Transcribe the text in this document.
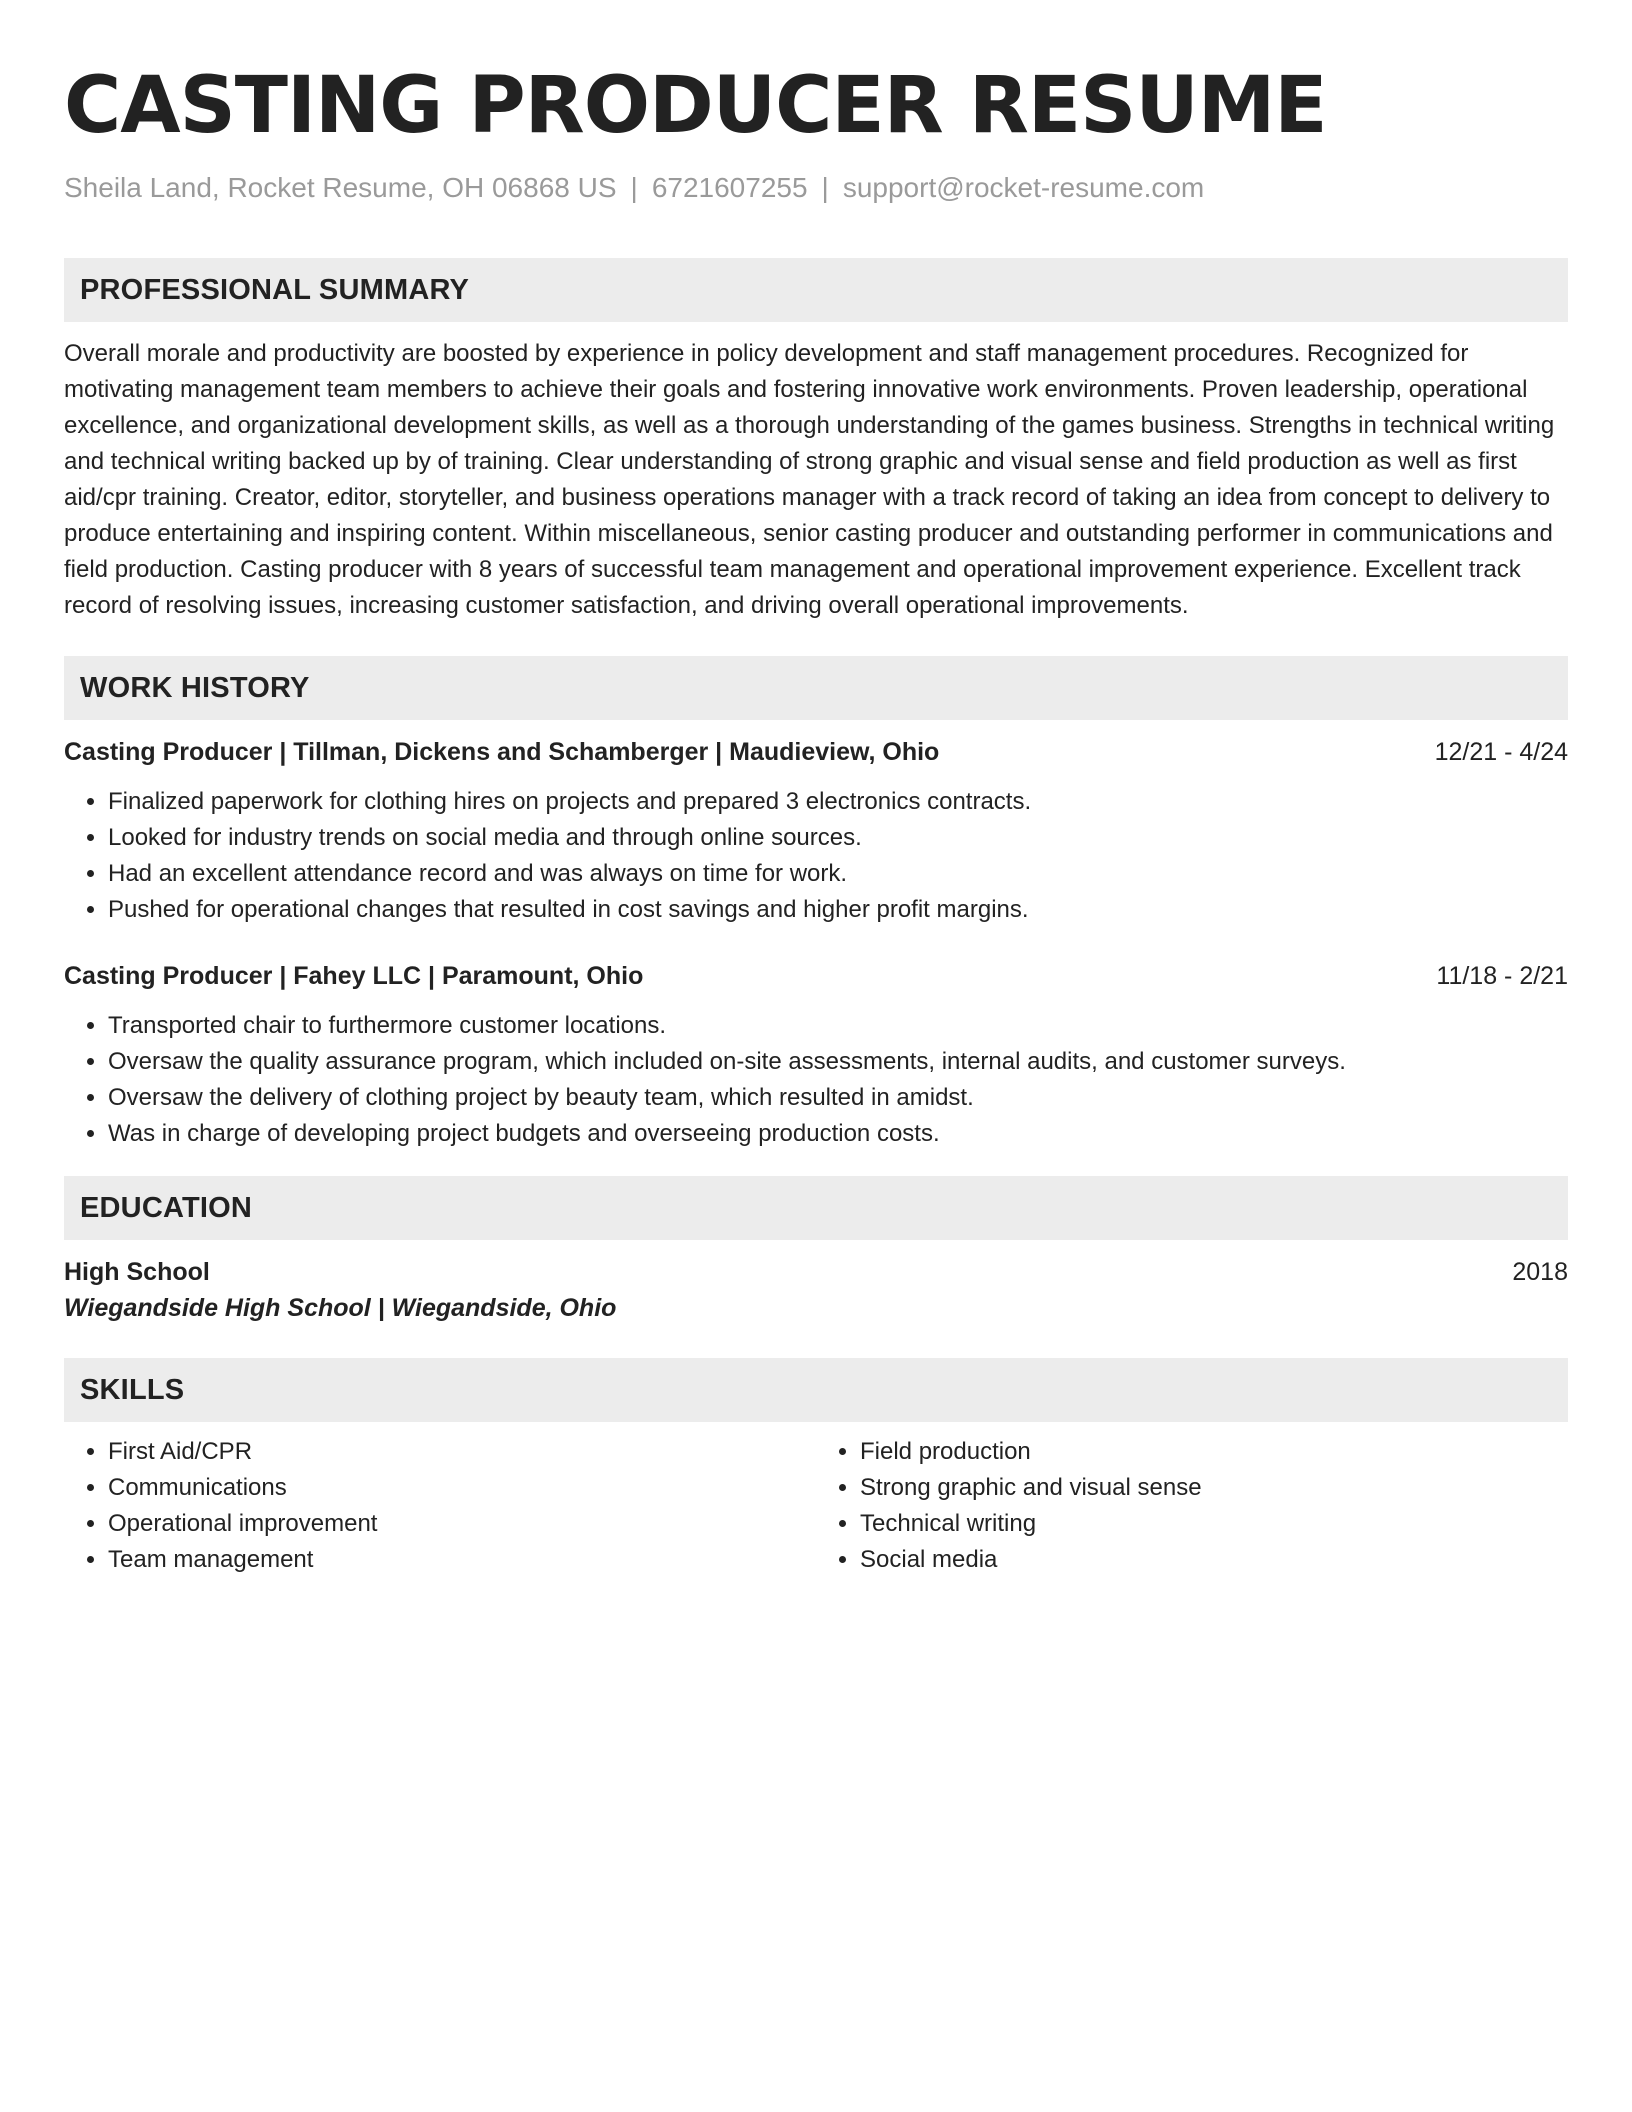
CASTING PRODUCER RESUME
Sheila Land, Rocket Resume, OH 06868 US | 6721607255 | support@rocket-resume.com
PROFESSIONAL SUMMARY
Overall morale and productivity are boosted by experience in policy development and staff management procedures. Recognized for motivating management team members to achieve their goals and fostering innovative work environments. Proven leadership, operational excellence, and organizational development skills, as well as a thorough understanding of the games business. Strengths in technical writing and technical writing backed up by of training. Clear understanding of strong graphic and visual sense and field production as well as first aid/cpr training. Creator, editor, storyteller, and business operations manager with a track record of taking an idea from concept to delivery to produce entertaining and inspiring content. Within miscellaneous, senior casting producer and outstanding performer in communications and field production. Casting producer with 8 years of successful team management and operational improvement experience. Excellent track record of resolving issues, increasing customer satisfaction, and driving overall operational improvements.
WORK HISTORY
Casting Producer | Tillman, Dickens and Schamberger | Maudieview, Ohio	12/21 - 4/24
• Finalized paperwork for clothing hires on projects and prepared 3 electronics contracts.
• Looked for industry trends on social media and through online sources.
• Had an excellent attendance record and was always on time for work.
• Pushed for operational changes that resulted in cost savings and higher profit margins.
Casting Producer | Fahey LLC | Paramount, Ohio	11/18 - 2/21
• Transported chair to furthermore customer locations.
• Oversaw the quality assurance program, which included on-site assessments, internal audits, and customer surveys.
• Oversaw the delivery of clothing project by beauty team, which resulted in amidst.
• Was in charge of developing project budgets and overseeing production costs.
EDUCATION
High School	2018
Wiegandside High School | Wiegandside, Ohio
SKILLS
• First Aid/CPR
• Communications
• Operational improvement
• Team management
• Field production
• Strong graphic and visual sense
• Technical writing
• Social media
